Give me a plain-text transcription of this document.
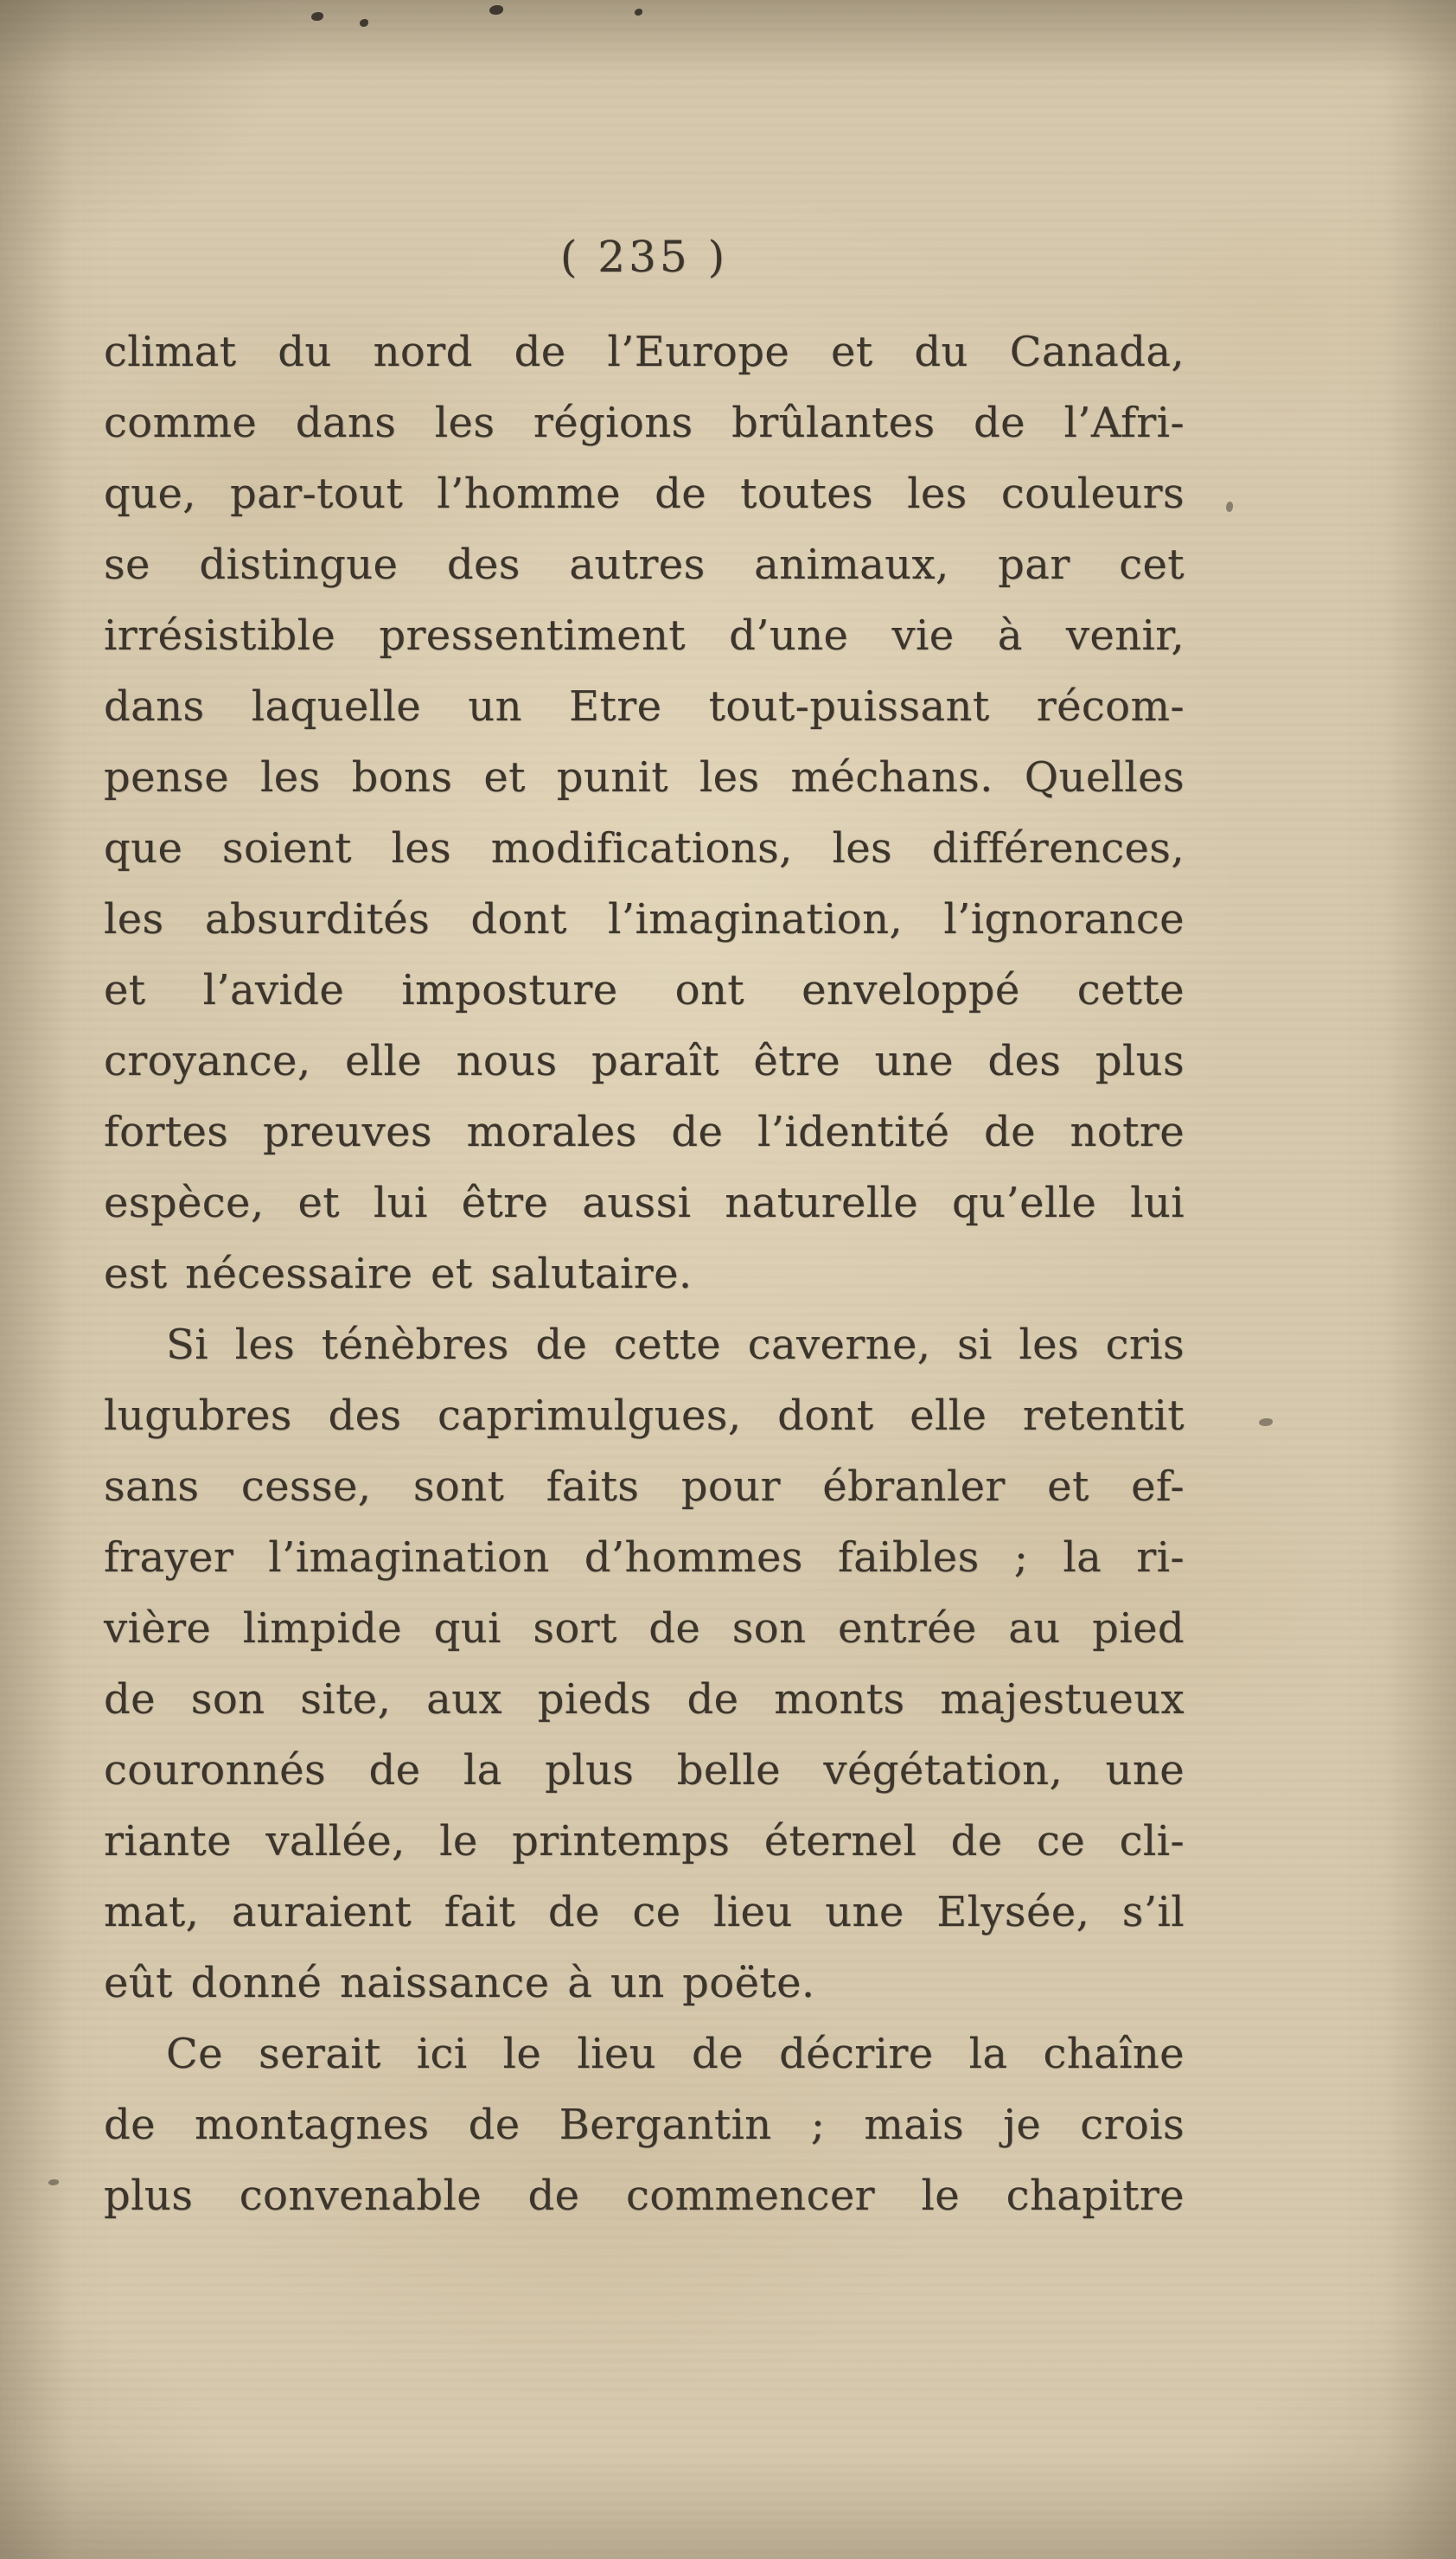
( 235 )
climat du nord de l’Europe et du Canada,
comme dans les régions brûlantes de l’Afri-
que, par-tout l’homme de toutes les couleurs
se distingue des autres animaux, par cet
irrésistible pressentiment d’une vie à venir,
dans laquelle un Etre tout-puissant récom-
pense les bons et punit les méchans. Quelles
que soient les modifications, les différences,
les absurdités dont l’imagination, l’ignorance
et l’avide imposture ont enveloppé cette
croyance, elle nous paraît être une des plus
fortes preuves morales de l’identité de notre
espèce, et lui être aussi naturelle qu’elle lui
est nécessaire et salutaire.
Si les ténèbres de cette caverne, si les cris
lugubres des caprimulgues, dont elle retentit
sans cesse, sont faits pour ébranler et ef-
frayer l’imagination d’hommes faibles ; la ri-
vière limpide qui sort de son entrée au pied
de son site, aux pieds de monts majestueux
couronnés de la plus belle végétation, une
riante vallée, le printemps éternel de ce cli-
mat, auraient fait de ce lieu une Elysée, s’il
eût donné naissance à un poëte.
Ce serait ici le lieu de décrire la chaîne
de montagnes de Bergantin ; mais je crois
plus convenable de commencer le chapitre
